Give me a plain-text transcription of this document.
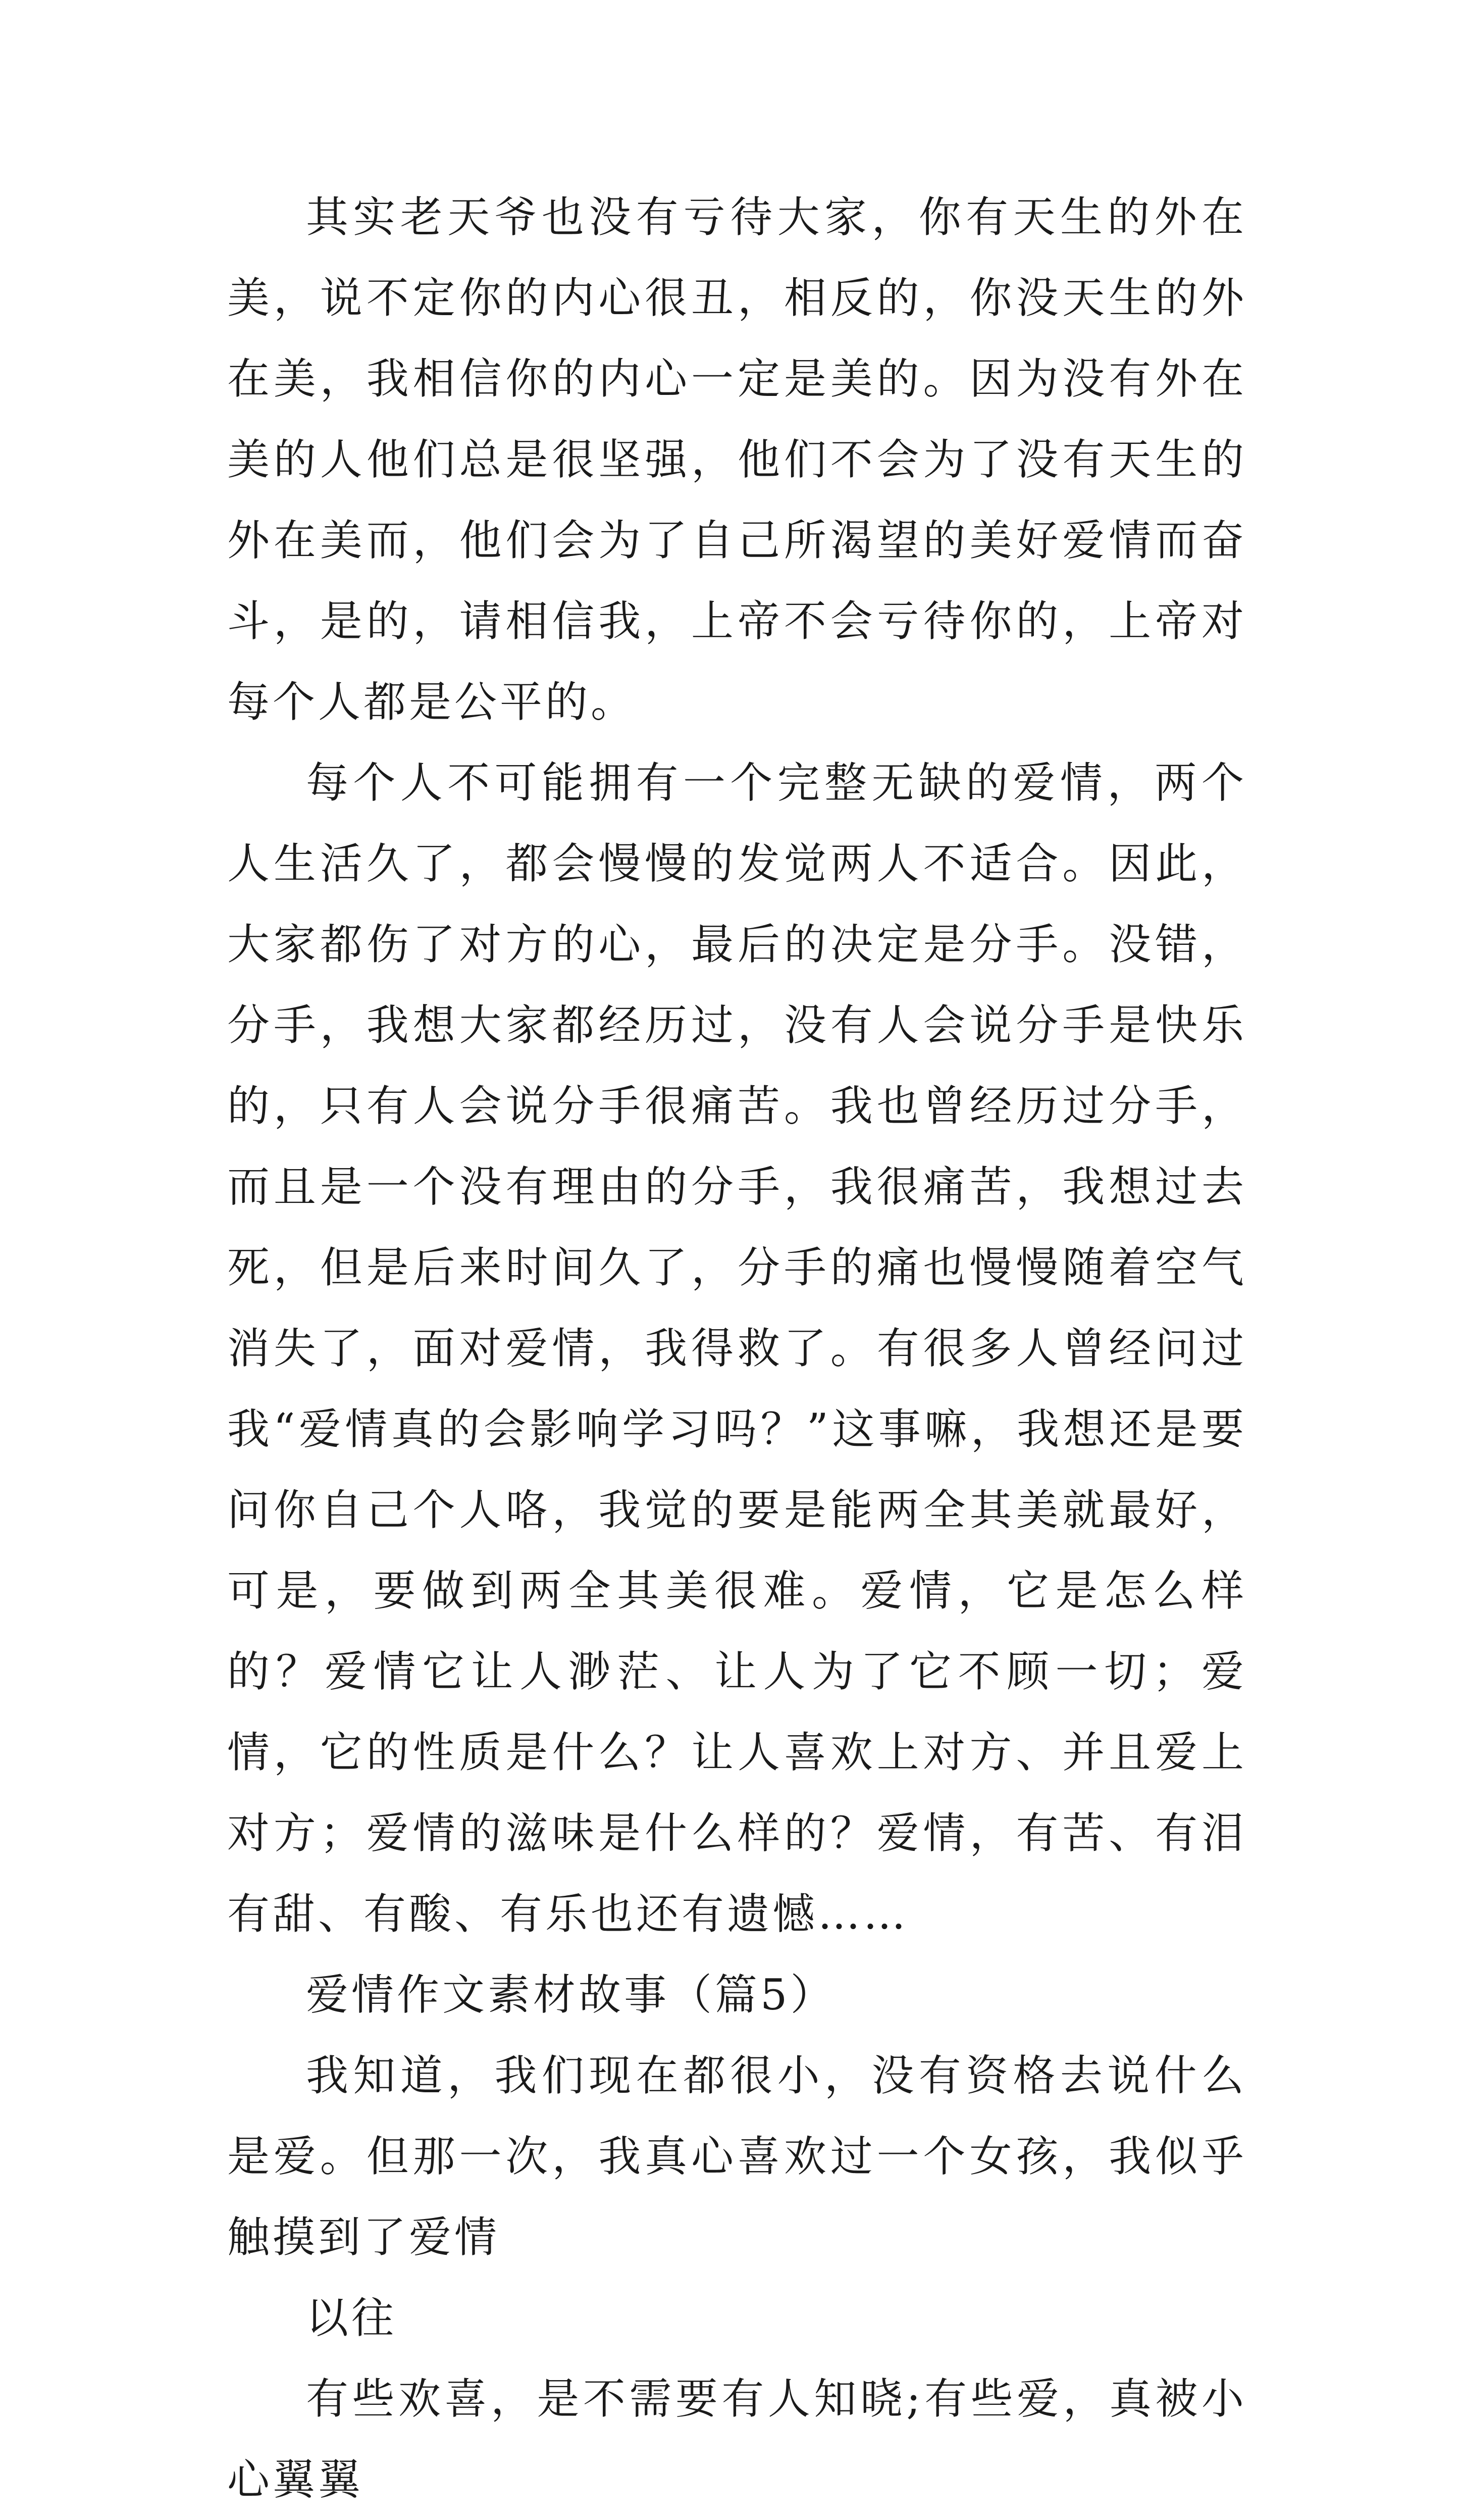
其实老天爷也没有亏待大家，你有天生的外在美，说不定你的内心很丑，相反的，你没天生的外在美，我相信你的内心一定是美的。因为没有外在美的人他们总是很坚强，他们不会为了没有天生的外在美而，他们会为了自己所渴望的美好爱情而奋斗，是的，请相信我，上帝不会亏待你的，上帝对每个人都是公平的。

每个人不可能拥有一个完整无缺的爱情，两个人生活久了，都会慢慢的发觉两人不适合。因此，大家都伤了对方的心，最后的决定是分手。没错，分手，我想大家都经历过，没有人会说分手是快乐的，只有人会说分手很痛苦。我也曾经历过分手，而且是一个没有理由的分手，我很痛苦，我想过去死，但是后来时间久了，分手的痛也慢慢随着空气消失了，面对爱情，我得救了。有很多人曾经问过我“爱情真的会影响学习吗？”这事嘛，我想还是要问你自己个人咯，我觉的要是能两全其美就最好，可是，要做到两全其美很难。爱情，它是怎么样的？爱情它让人渺茫、让人为了它不顾一切；爱情，它的性质是什么？让人喜欢上对方、并且爱上对方；爱情的滋味是什么样的？爱情，有苦、有泪有甜、有酸、有乐也还有遗憾……

爱情作文素材故事（篇5）

我知道，我们现在都很小，没有资格去说什么是爱。但那一次，我真心喜欢过一个女孩，我似乎触摸到了爱情

以往

有些欢喜，是不需要有人知晓;有些爱，真被小心翼翼
